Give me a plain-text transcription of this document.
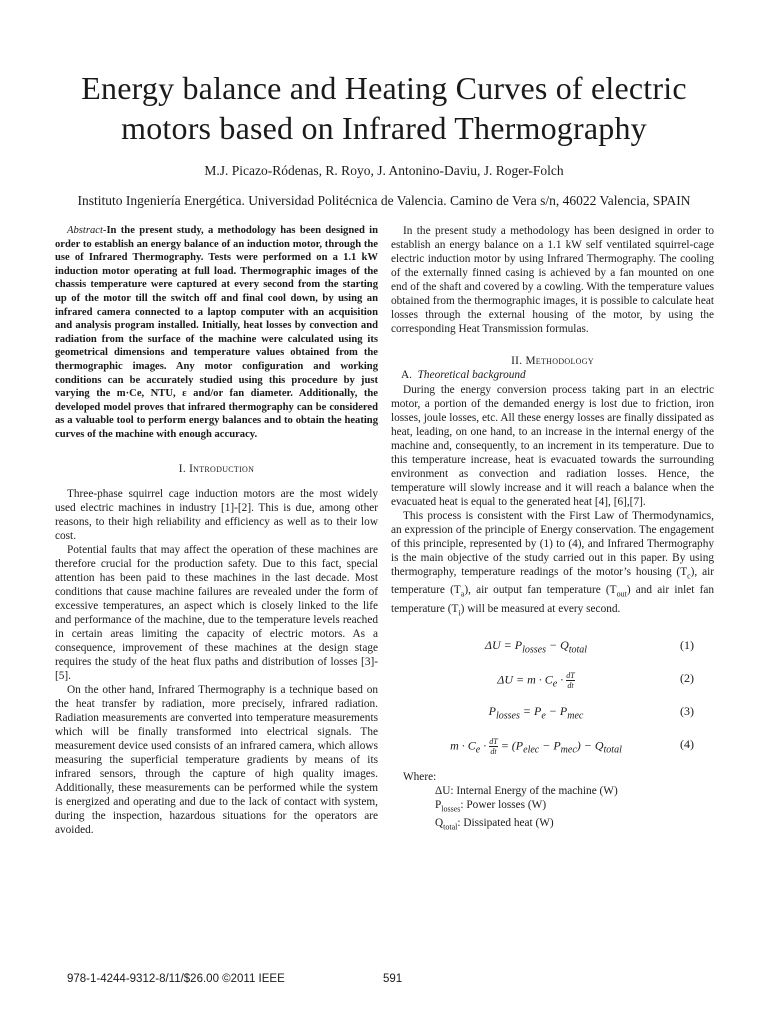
Energy balance and Heating Curves of electric motors based on Infrared Thermography
M.J. Picazo-Ródenas, R. Royo, J. Antonino-Daviu, J. Roger-Folch
Instituto Ingeniería Energética. Universidad Politécnica de Valencia. Camino de Vera s/n, 46022 Valencia, SPAIN

Abstract-In the present study, a methodology has been designed in order to establish an energy balance of an induction motor, through the use of Infrared Thermography. Tests were performed on a 1.1 kW induction motor operating at full load. Thermographic images of the chassis temperature were captured at every second from the starting up of the motor till the switch off and final cool down, by using an infrared camera connected to a laptop computer with an acquisition and analysis program installed. Initially, heat losses by convection and radiation from the surface of the machine were calculated using its geometrical dimensions and temperature values obtained from the thermographic images. Any motor configuration and working conditions can be accurately studied using this procedure by just varying the m·Ce, NTU, ε and/or fan diameter. Additionally, the developed model proves that infrared thermography can be considered as a valuable tool to perform energy balances and to obtain the heating curves of the machine with enough accuracy.

I. Introduction

Three-phase squirrel cage induction motors are the most widely used electric machines in industry [1]-[2]. This is due, among other reasons, to their high reliability and efficiency as well as to their low cost.

Potential faults that may affect the operation of these machines are therefore crucial for the production safety. Due to this fact, special attention has been paid to these machines in the last decade. Most conditions that cause machine failures are revealed under the form of excessive temperatures, an aspect which is closely linked to the life and performance of the machine, due to the temperature levels reached in certain areas limiting the capacity of electric motors. As a consequence, improvement of these machines at the design stage requires the study of the heat flux paths and distribution of losses [3]-[5].

On the other hand, Infrared Thermography is a technique based on the heat transfer by radiation, more precisely, infrared radiation. Radiation measurements are converted into temperature measurements which will be finally transformed into electrical signals. The measurement device used consists of an infrared camera, which allows measuring the superficial temperature gradients by means of its infrared sensors, through the capture of high quality images. Additionally, these measurements can be performed while the system is energized and operating and due to the lack of contact with system, during the inspection, hazardous situations for the operators are avoided.

In the present study a methodology has been designed in order to establish an energy balance on a 1.1 kW self ventilated squirrel-cage electric induction motor by using Infrared Thermography. The cooling of the externally finned casing is achieved by a fan mounted on one end of the shaft and covered by a cowling. With the temperature values obtained from the thermographic images, it is possible to calculate heat losses through the external housing of the motor, by using the corresponding Heat Transmission formulas.

II. Methodology
A. Theoretical background

During the energy conversion process taking part in an electric motor, a portion of the demanded energy is lost due to friction, iron losses, joule losses, etc. All these energy losses are finally dissipated as heat, leading, on one hand, to an increase in the internal energy of the machine and, consequently, to an increment in its temperature. Due to this temperature increase, heat is evacuated towards the surrounding environment as convection and radiation losses. Hence, the temperature will slowly increase and it will reach a balance when the evacuated heat is equal to the generated heat [4], [6],[7].

This process is consistent with the First Law of Thermodynamics, an expression of the principle of Energy conservation. The engagement of this principle, represented by (1) to (4), and Infrared Thermography is the main objective of the study carried out in this paper. By using thermography, temperature readings of the motor’s housing $(T_c)$, air temperature $(T_a)$, air output fan temperature $(T_{out})$ and air inlet fan temperature $(T_i)$ will be measured at every second.

$\Delta U = P_{losses} - Q_{total}$	(1)
$\Delta U = m \cdot C_e \cdot \frac{dT}{dt}$	(2)
$P_{losses} = P_e - P_{mec}$	(3)
$m \cdot C_e \cdot \frac{dT}{dt} = (P_{elec} - P_{mec}) - Q_{total}$	(4)
Where:
ΔU: Internal Energy of the machine (W)
$P_{losses}$: Power losses (W)
$Q_{total}$: Dissipated heat (W)
978-1-4244-9312-8/11/$26.00 ©2011 IEEE	591
